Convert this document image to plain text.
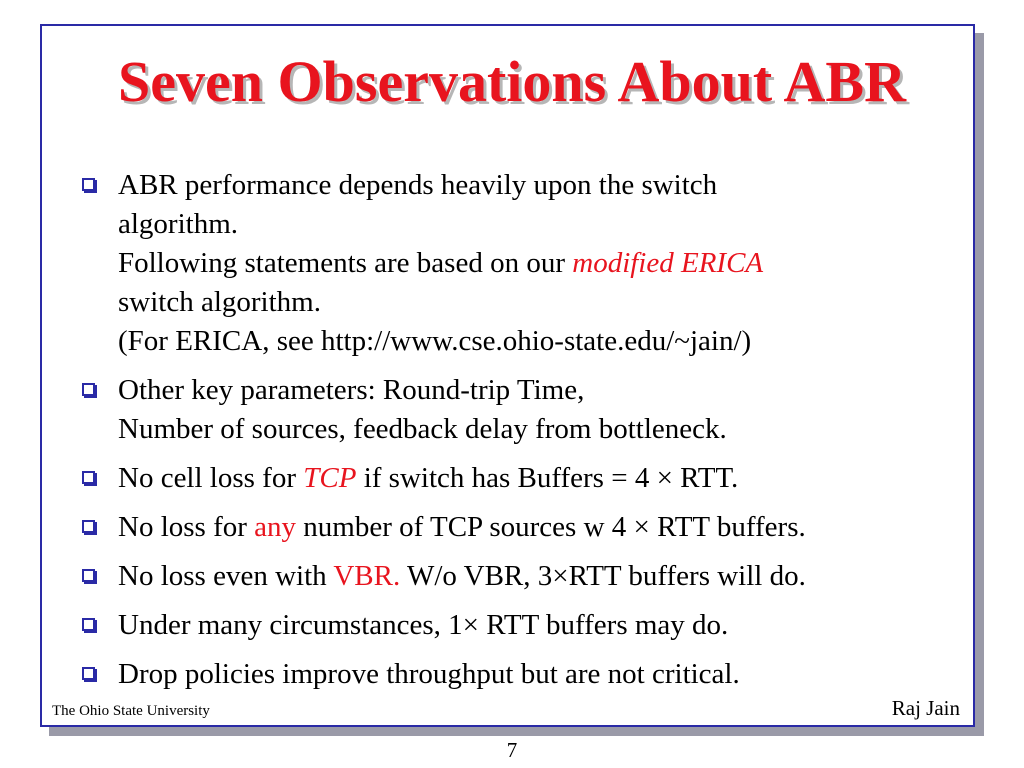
Seven Observations About ABR
ABR performance depends heavily upon the switch
algorithm.
Following statements are based on our modified ERICA
switch algorithm.
(For ERICA, see http://www.cse.ohio-state.edu/~jain/)
Other key parameters: Round-trip Time,
Number of sources, feedback delay from bottleneck.
No cell loss for TCP if switch has Buffers = 4 × RTT.
No loss for any number of TCP sources w 4 × RTT buffers.
No loss even with VBR. W/o VBR, 3×RTT buffers will do.
Under many circumstances, 1× RTT buffers may do.
Drop policies improve throughput but are not critical.
The Ohio State University	Raj Jain
7
